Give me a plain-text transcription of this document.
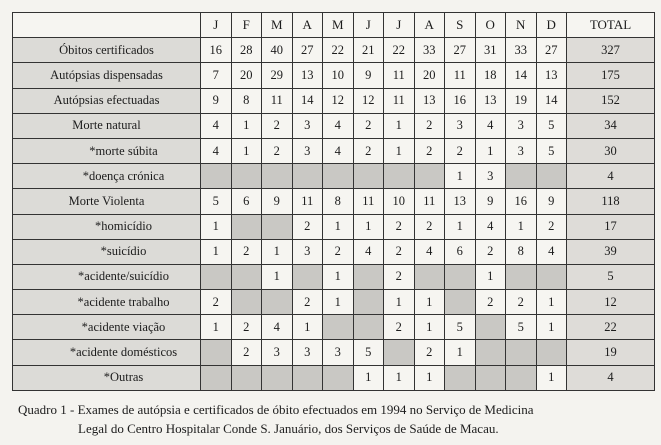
	J	F	M	A	M	J	J	A	S	O	N	D	TOTAL
Óbitos certificados	16	28	40	27	22	21	22	33	27	31	33	27	327
Autópsias dispensadas	7	20	29	13	10	9	11	20	11	18	14	13	175
Autópsias efectuadas	9	8	11	14	12	12	11	13	16	13	19	14	152
Morte natural	4	1	2	3	4	2	1	2	3	4	3	5	34
*morte súbita	4	1	2	3	4	2	1	2	2	1	3	5	30
*doença crónica									1	3			4
Morte Violenta	5	6	9	11	8	11	10	11	13	9	16	9	118
*homicídio	1			2	1	1	2	2	1	4	1	2	17
*suicídio	1	2	1	3	2	4	2	4	6	2	8	4	39
*acidente/suicídio			1		1		2			1			5
*acidente trabalho	2			2	1		1	1		2	2	1	12
*acidente viação	1	2	4	1			2	1	5		5	1	22
*acidente domésticos		2	3	3	3	5		2	1				19
*Outras						1	1	1				1	4
Quadro 1 - Exames de autópsia e certificados de óbito efectuados em 1994 no Serviço de Medicina
Legal do Centro Hospitalar Conde S. Januário, dos Serviços de Saúde de Macau.
